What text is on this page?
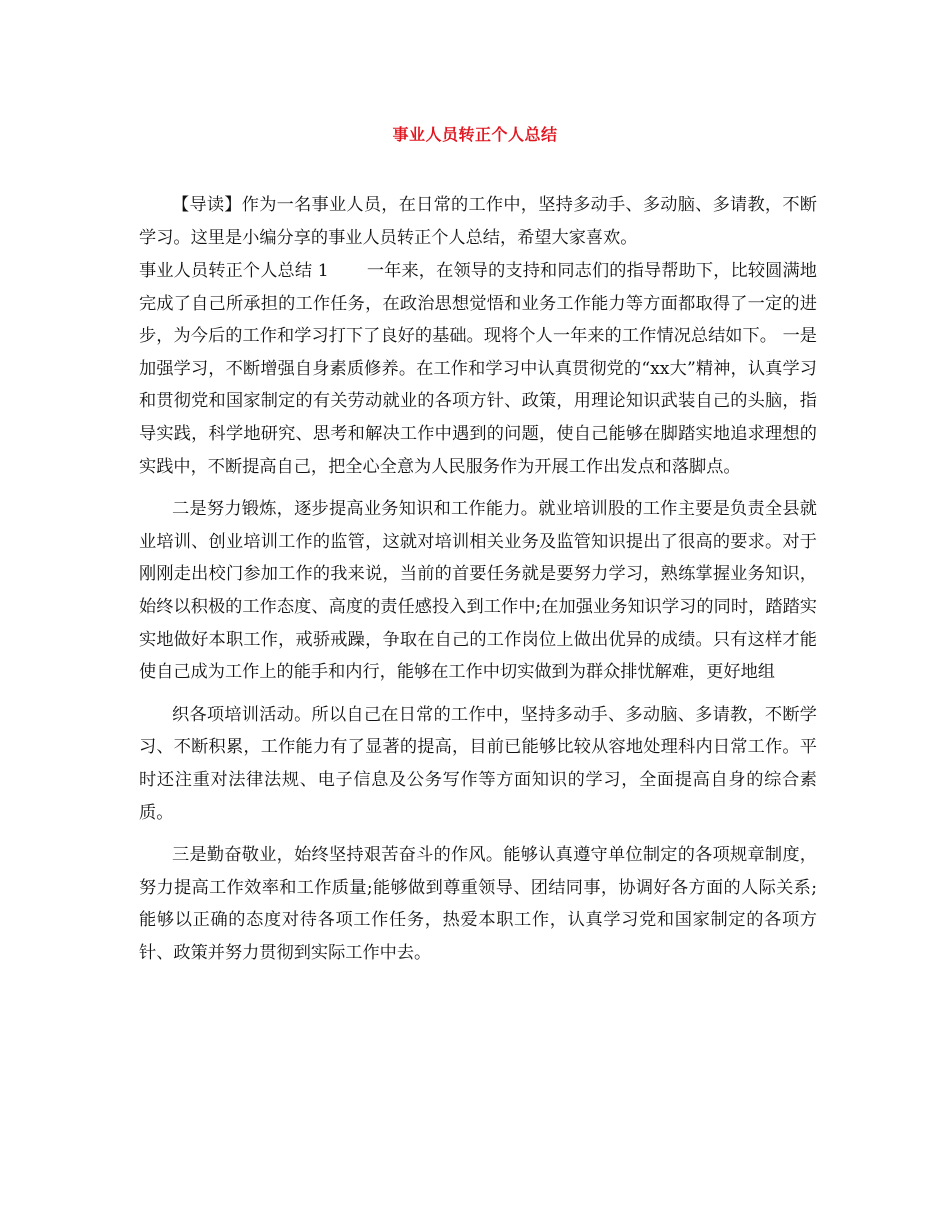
事业人员转正个人总结

【导读】作为一名事业人员，在日常的工作中，坚持多动手、多动脑、多请教，不断学习。这里是小编分享的事业人员转正个人总结，希望大家喜欢。

事业人员转正个人总结 1 一年来，在领导的支持和同志们的指导帮助下，比较圆满地完成了自己所承担的工作任务，在政治思想觉悟和业务工作能力等方面都取得了一定的进步，为今后的工作和学习打下了良好的基础。现将个人一年来的工作情况总结如下。 一是加强学习，不断增强自身素质修养。在工作和学习中认真贯彻党的“xx大”精神，认真学习和贯彻党和国家制定的有关劳动就业的各项方针、政策，用理论知识武装自己的头脑，指导实践，科学地研究、思考和解决工作中遇到的问题，使自己能够在脚踏实地追求理想的实践中，不断提高自己，把全心全意为人民服务作为开展工作出发点和落脚点。

二是努力锻炼，逐步提高业务知识和工作能力。就业培训股的工作主要是负责全县就业培训、创业培训工作的监管，这就对培训相关业务及监管知识提出了很高的要求。对于刚刚走出校门参加工作的我来说，当前的首要任务就是要努力学习，熟练掌握业务知识，始终以积极的工作态度、高度的责任感投入到工作中;在加强业务知识学习的同时，踏踏实实地做好本职工作，戒骄戒躁，争取在自己的工作岗位上做出优异的成绩。只有这样才能使自己成为工作上的能手和内行，能够在工作中切实做到为群众排忧解难，更好地组

织各项培训活动。所以自己在日常的工作中，坚持多动手、多动脑、多请教，不断学习、不断积累，工作能力有了显著的提高，目前已能够比较从容地处理科内日常工作。平时还注重对法律法规、电子信息及公务写作等方面知识的学习，全面提高自身的综合素质。

三是勤奋敬业，始终坚持艰苦奋斗的作风。能够认真遵守单位制定的各项规章制度，努力提高工作效率和工作质量;能够做到尊重领导、团结同事，协调好各方面的人际关系;能够以正确的态度对待各项工作任务，热爱本职工作，认真学习党和国家制定的各项方针、政策并努力贯彻到实际工作中去。
